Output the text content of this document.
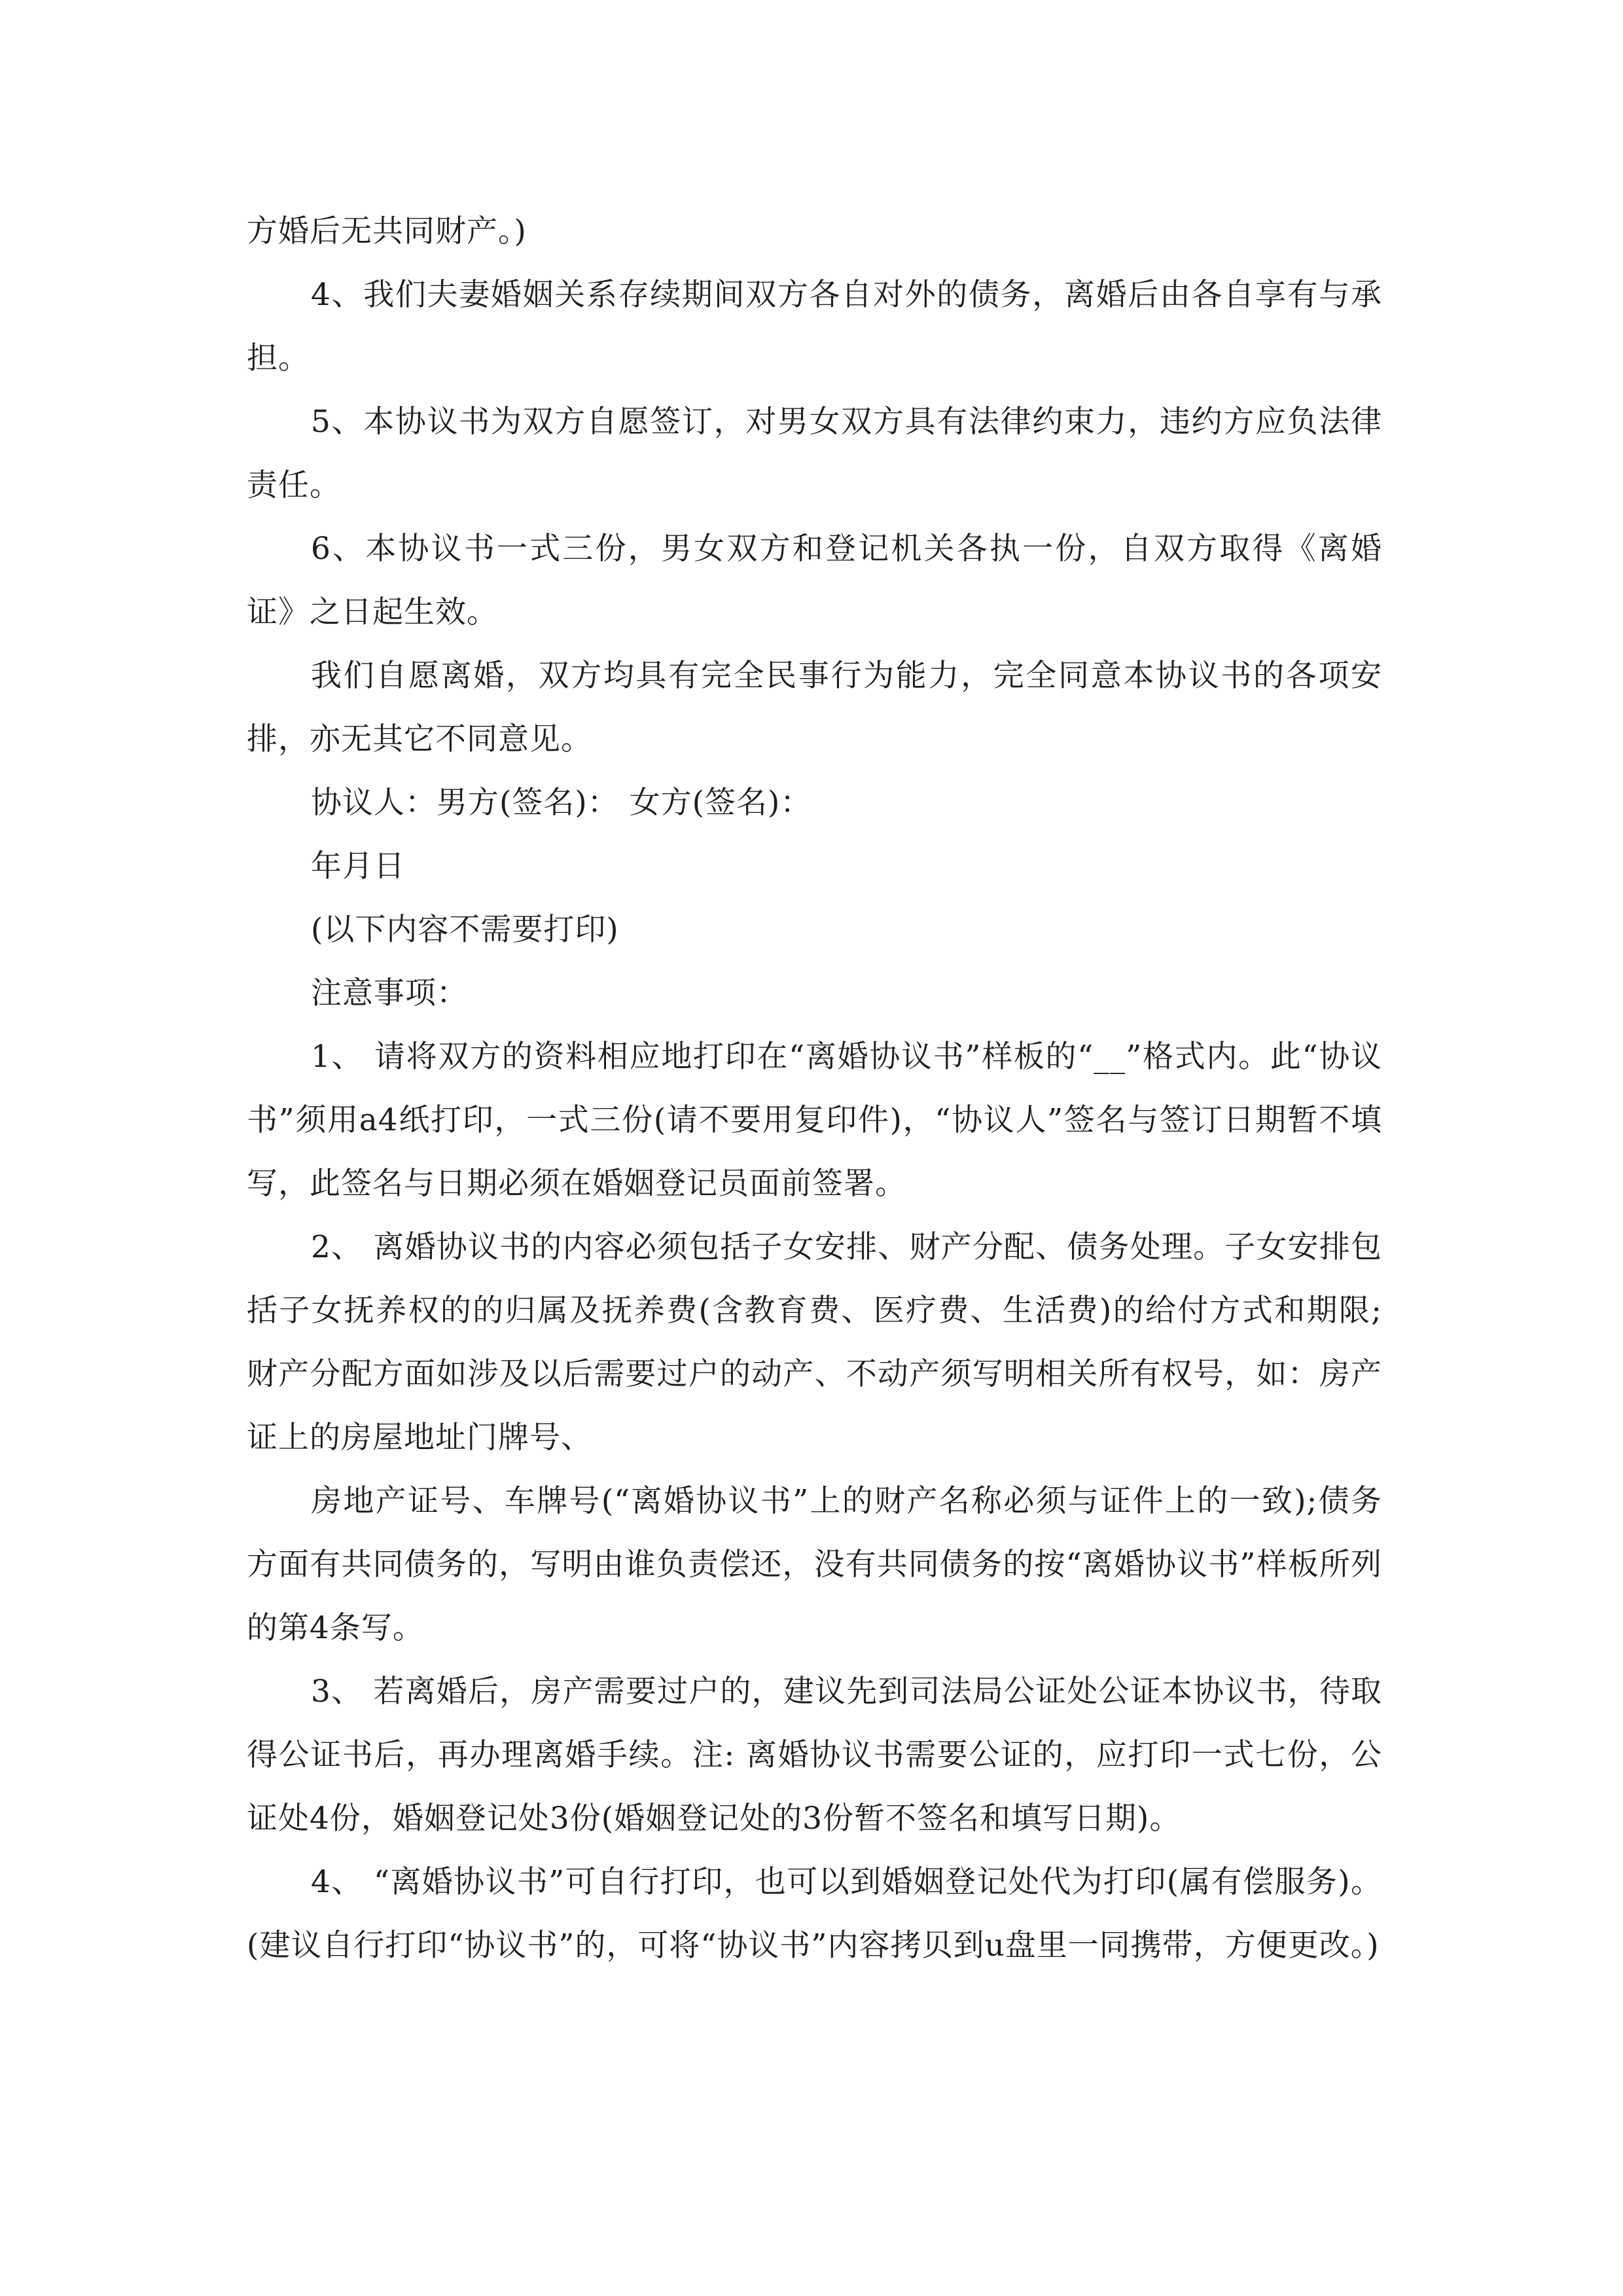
方婚后无共同财产。)

4、我们夫妻婚姻关系存续期间双方各自对外的债务，离婚后由各自享有与承担。

5、本协议书为双方自愿签订，对男女双方具有法律约束力，违约方应负法律责任。

6、本协议书一式三份，男女双方和登记机关各执一份，自双方取得《离婚证》之日起生效。

我们自愿离婚，双方均具有完全民事行为能力，完全同意本协议书的各项安排，亦无其它不同意见。

协议人：男方(签名)： 女方(签名)：

年月日

(以下内容不需要打印)

注意事项：

1、 请将双方的资料相应地打印在“离婚协议书”样板的“__”格式内。此“协议书”须用a4纸打印，一式三份(请不要用复印件)，“协议人”签名与签订日期暂不填写，此签名与日期必须在婚姻登记员面前签署。

2、 离婚协议书的内容必须包括子女安排、财产分配、债务处理。子女安排包括子女抚养权的的归属及抚养费(含教育费、医疗费、生活费)的给付方式和期限;财产分配方面如涉及以后需要过户的动产、不动产须写明相关所有权号，如：房产证上的房屋地址门牌号、

房地产证号、车牌号(“离婚协议书”上的财产名称必须与证件上的一致);债务方面有共同债务的，写明由谁负责偿还，没有共同债务的按“离婚协议书”样板所列的第4条写。

3、 若离婚后，房产需要过户的，建议先到司法局公证处公证本协议书，待取得公证书后，再办理离婚手续。注: 离婚协议书需要公证的，应打印一式七份，公证处4份，婚姻登记处3份(婚姻登记处的3份暂不签名和填写日期)。

4、 “离婚协议书”可自行打印，也可以到婚姻登记处代为打印(属有偿服务)。(建议自行打印“协议书”的，可将“协议书”内容拷贝到u盘里一同携带，方便更改。)
